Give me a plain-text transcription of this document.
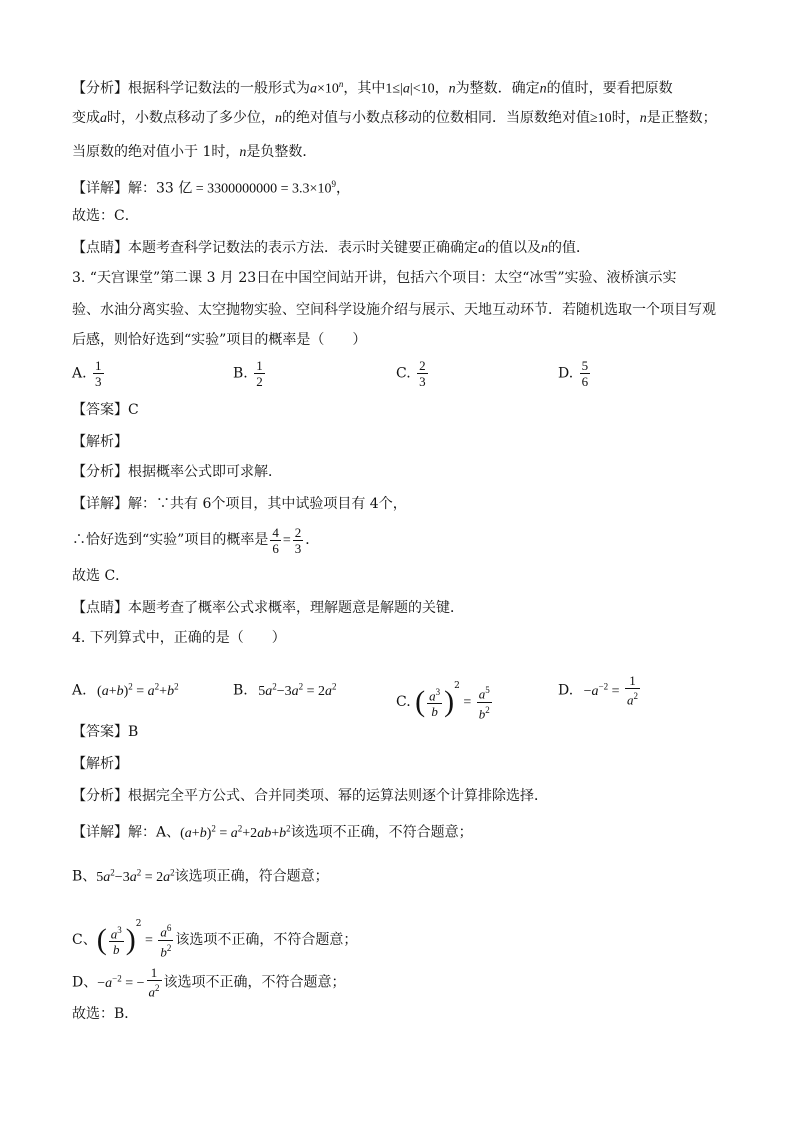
【分析】根据科学记数法的一般形式为$a\times 10^n$，其中1≤|a|<10，n为整数．确定n的值时，要看把原数
变成a时，小数点移动了多少位，n的绝对值与小数点移动的位数相同．当原数绝对值≥10时，n是正整数；
当原数的绝对值小于 1时，n是负整数．
【详解】解：33 亿 = $3300000000 = 3.3\times 10^9$，
故选：C．
【点睛】本题考查科学记数法的表示方法．表示时关键要正确确定a的值以及n的值．
3. “天宫课堂”第二课 3 月 23日在中国空间站开讲，包括六个项目：太空“冰雪”实验、液桥演示实
验、水油分离实验、太空抛物实验、空间科学设施介绍与展示、天地互动环节．若随机选取一个项目写观
后感，则恰好选到“实验”项目的概率是（　　）
A. $\frac{1}{3}$	B. $\frac{1}{2}$	C. $\frac{2}{3}$	D. $\frac{5}{6}$
【答案】C
【解析】
【分析】根据概率公式即可求解．
【详解】解：∵共有 6个项目，其中试验项目有 4个，
∴恰好选到“实验”项目的概率是 $\frac{4}{6} = \frac{2}{3}$ ．
故选 C．
【点睛】本题考查了概率公式求概率，理解题意是解题的关键．
4. 下列算式中，正确的是（　　）
A. $(a+b)^2 = a^2+b^2$	B. $5a^2-3a^2 = 2a^2$
C. ( $\frac{a^3}{b} )^2 = \frac{a^5}{b^2}$	D. $-a^{-2} = \frac{1}{a^2}$
【答案】B
【解析】
【分析】根据完全平方公式、合并同类项、幂的运算法则逐个计算排除选择．
【详解】解：A、$(a+b)^2 = a^2+2ab+b^2$该选项不正确，不符合题意；
B、$5a^2-3a^2 = 2a^2$该选项正确，符合题意；
C、( $\frac{a^3}{b} )^2 = \frac{a^6}{b^2}$ 该选项不正确，不符合题意；
D、$-a^{-2}$ = − $\frac{1}{a^2}$ 该选项不正确，不符合题意；
故选：B．
